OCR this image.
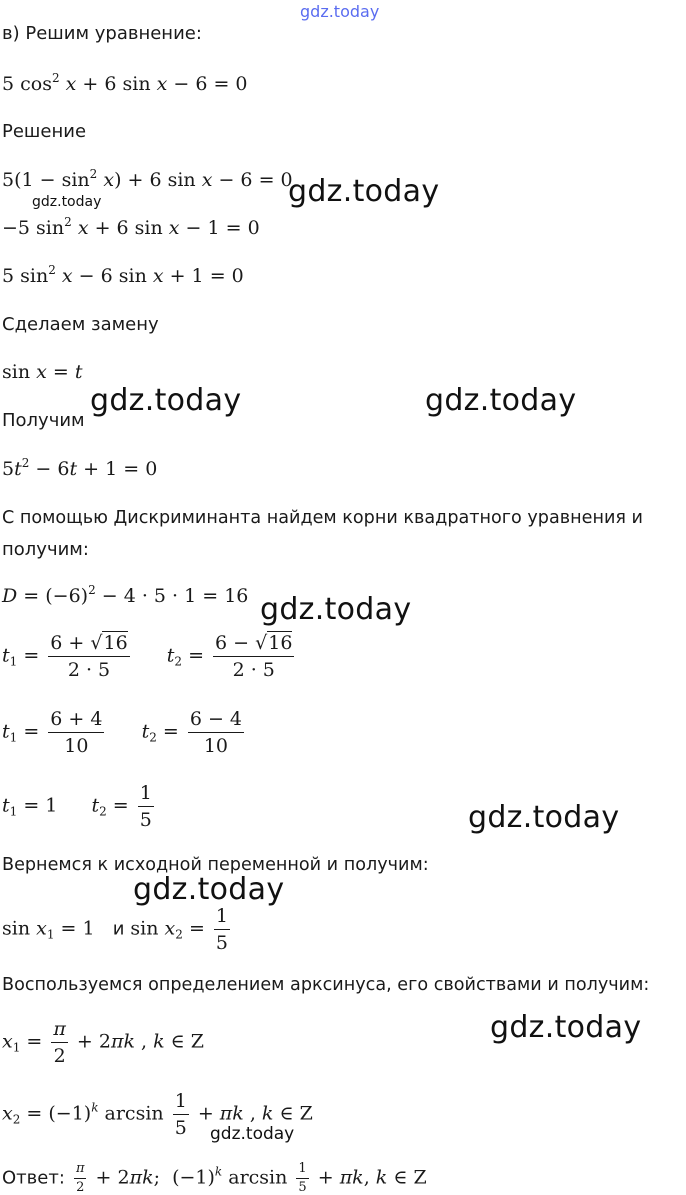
gdz.today
в) Решим уравнение:
5 $\cos^2 x + 6$ sin x − 6 = 0
Решение
$5(1 - \sin^2 x) + 6$ sin x − 6 = 0
gdz.today
gdz.today
−5 $\sin^2 x + 6$ sin x − 1 = 0
5 $\sin^2 x - 6$ sin x + 1 = 0
Сделаем замену
sin x = t
gdz.today	gdz.today
Получим
$5t^2 - 6t + 1 = 0$
С помощью Дискриминанта найдем корни квадратного уравнения и
получим:
$D = (-6)^2 - 4 \cdot 5 \cdot 1 = 16$ gdz.today
$t_1 = \frac{6 + √16}{2 \cdot 5} t_2 = \frac{6 - √16}{2 \cdot 5}$
$t_1 = \frac{6 + 4}{10} t_2 = \frac{6 - 4}{10}$
$t_1 = 1$  $t_2 = \frac{1}{5}$	gdz.today
Вернемся к исходной переменной и получим:
gdz.today
$\sin x_1 = 1$   и $\sin x_2 = \frac{1}{5}$
Воспользуемся определением арксинуса, его свойствами и получим:
gdz.today
$x_1 = \frac{\pi}{2} + 2\pi k$ , k ∈ Z
$x_2 = (-1)^k$ $\arcsin \frac{1}{5} + \pi k$ , k ∈ Z
gdz.today
Ответ: $\frac{\pi}{2} + 2\pi k$;  $(-1)^k$ $\arcsin \frac{1}{5} + \pi k$, k ∈ Z
